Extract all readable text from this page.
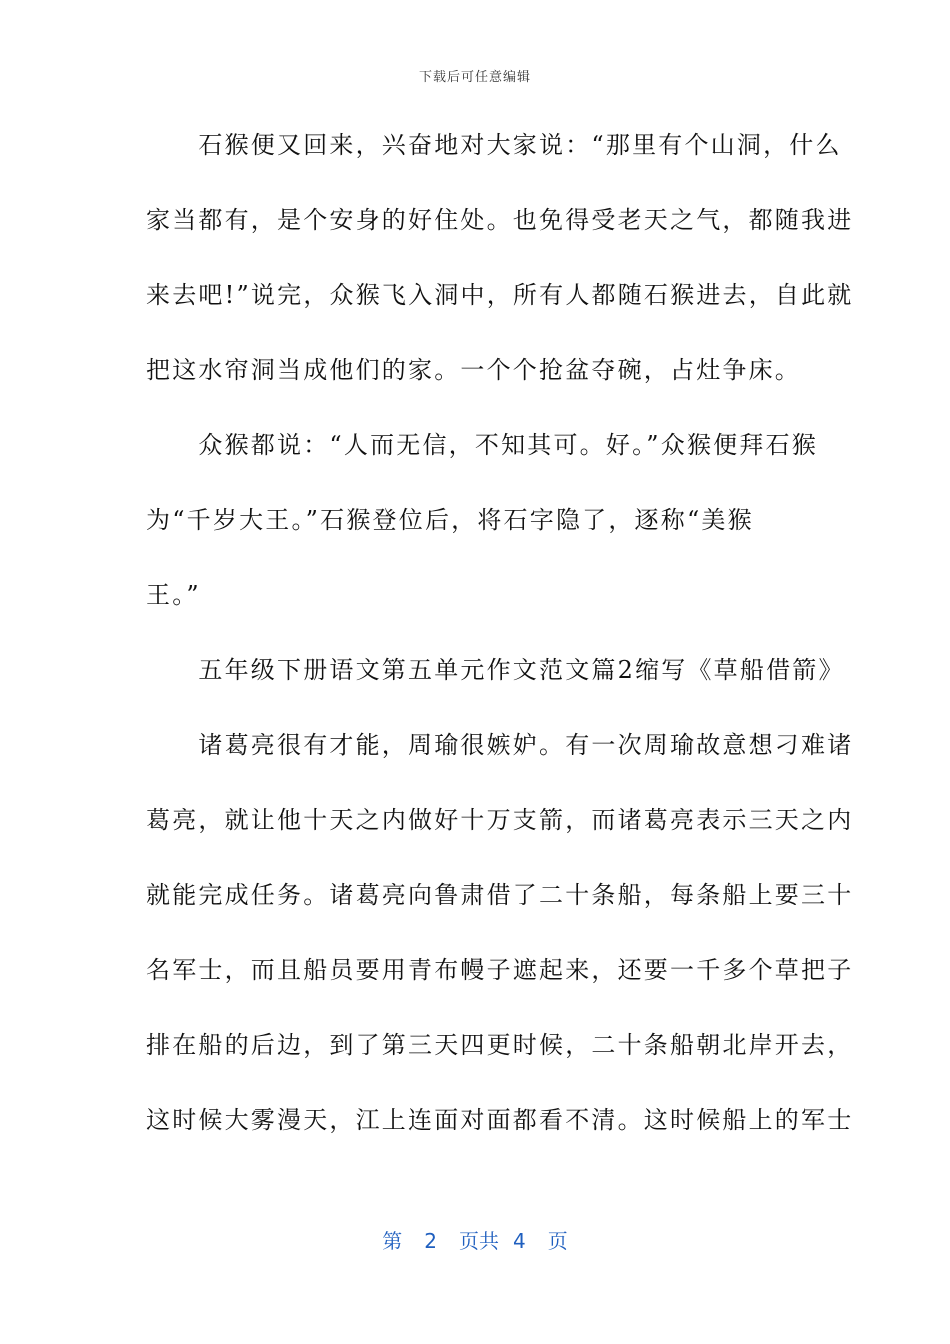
下载后可任意编辑
　　石猴便又回来，兴奋地对大家说：“那里有个山洞，什么
家当都有，是个安身的好住处。也免得受老天之气，都随我进
来去吧!”说完，众猴飞入洞中，所有人都随石猴进去，自此就
把这水帘洞当成他们的家。一个个抢盆夺碗，占灶争床。
　　众猴都说：“人而无信，不知其可。好。”众猴便拜石猴
为“千岁大王。”石猴登位后，将石字隐了，逐称“美猴
王。”
　　五年级下册语文第五单元作文范文篇2缩写《草船借箭》
　　诸葛亮很有才能，周瑜很嫉妒。有一次周瑜故意想刁难诸
葛亮，就让他十天之内做好十万支箭，而诸葛亮表示三天之内
就能完成任务。诸葛亮向鲁肃借了二十条船，每条船上要三十
名军士，而且船员要用青布幔子遮起来，还要一千多个草把子
排在船的后边，到了第三天四更时候，二十条船朝北岸开去，
这时候大雾漫天，江上连面对面都看不清。这时候船上的军士
第 2 页共 4 页
